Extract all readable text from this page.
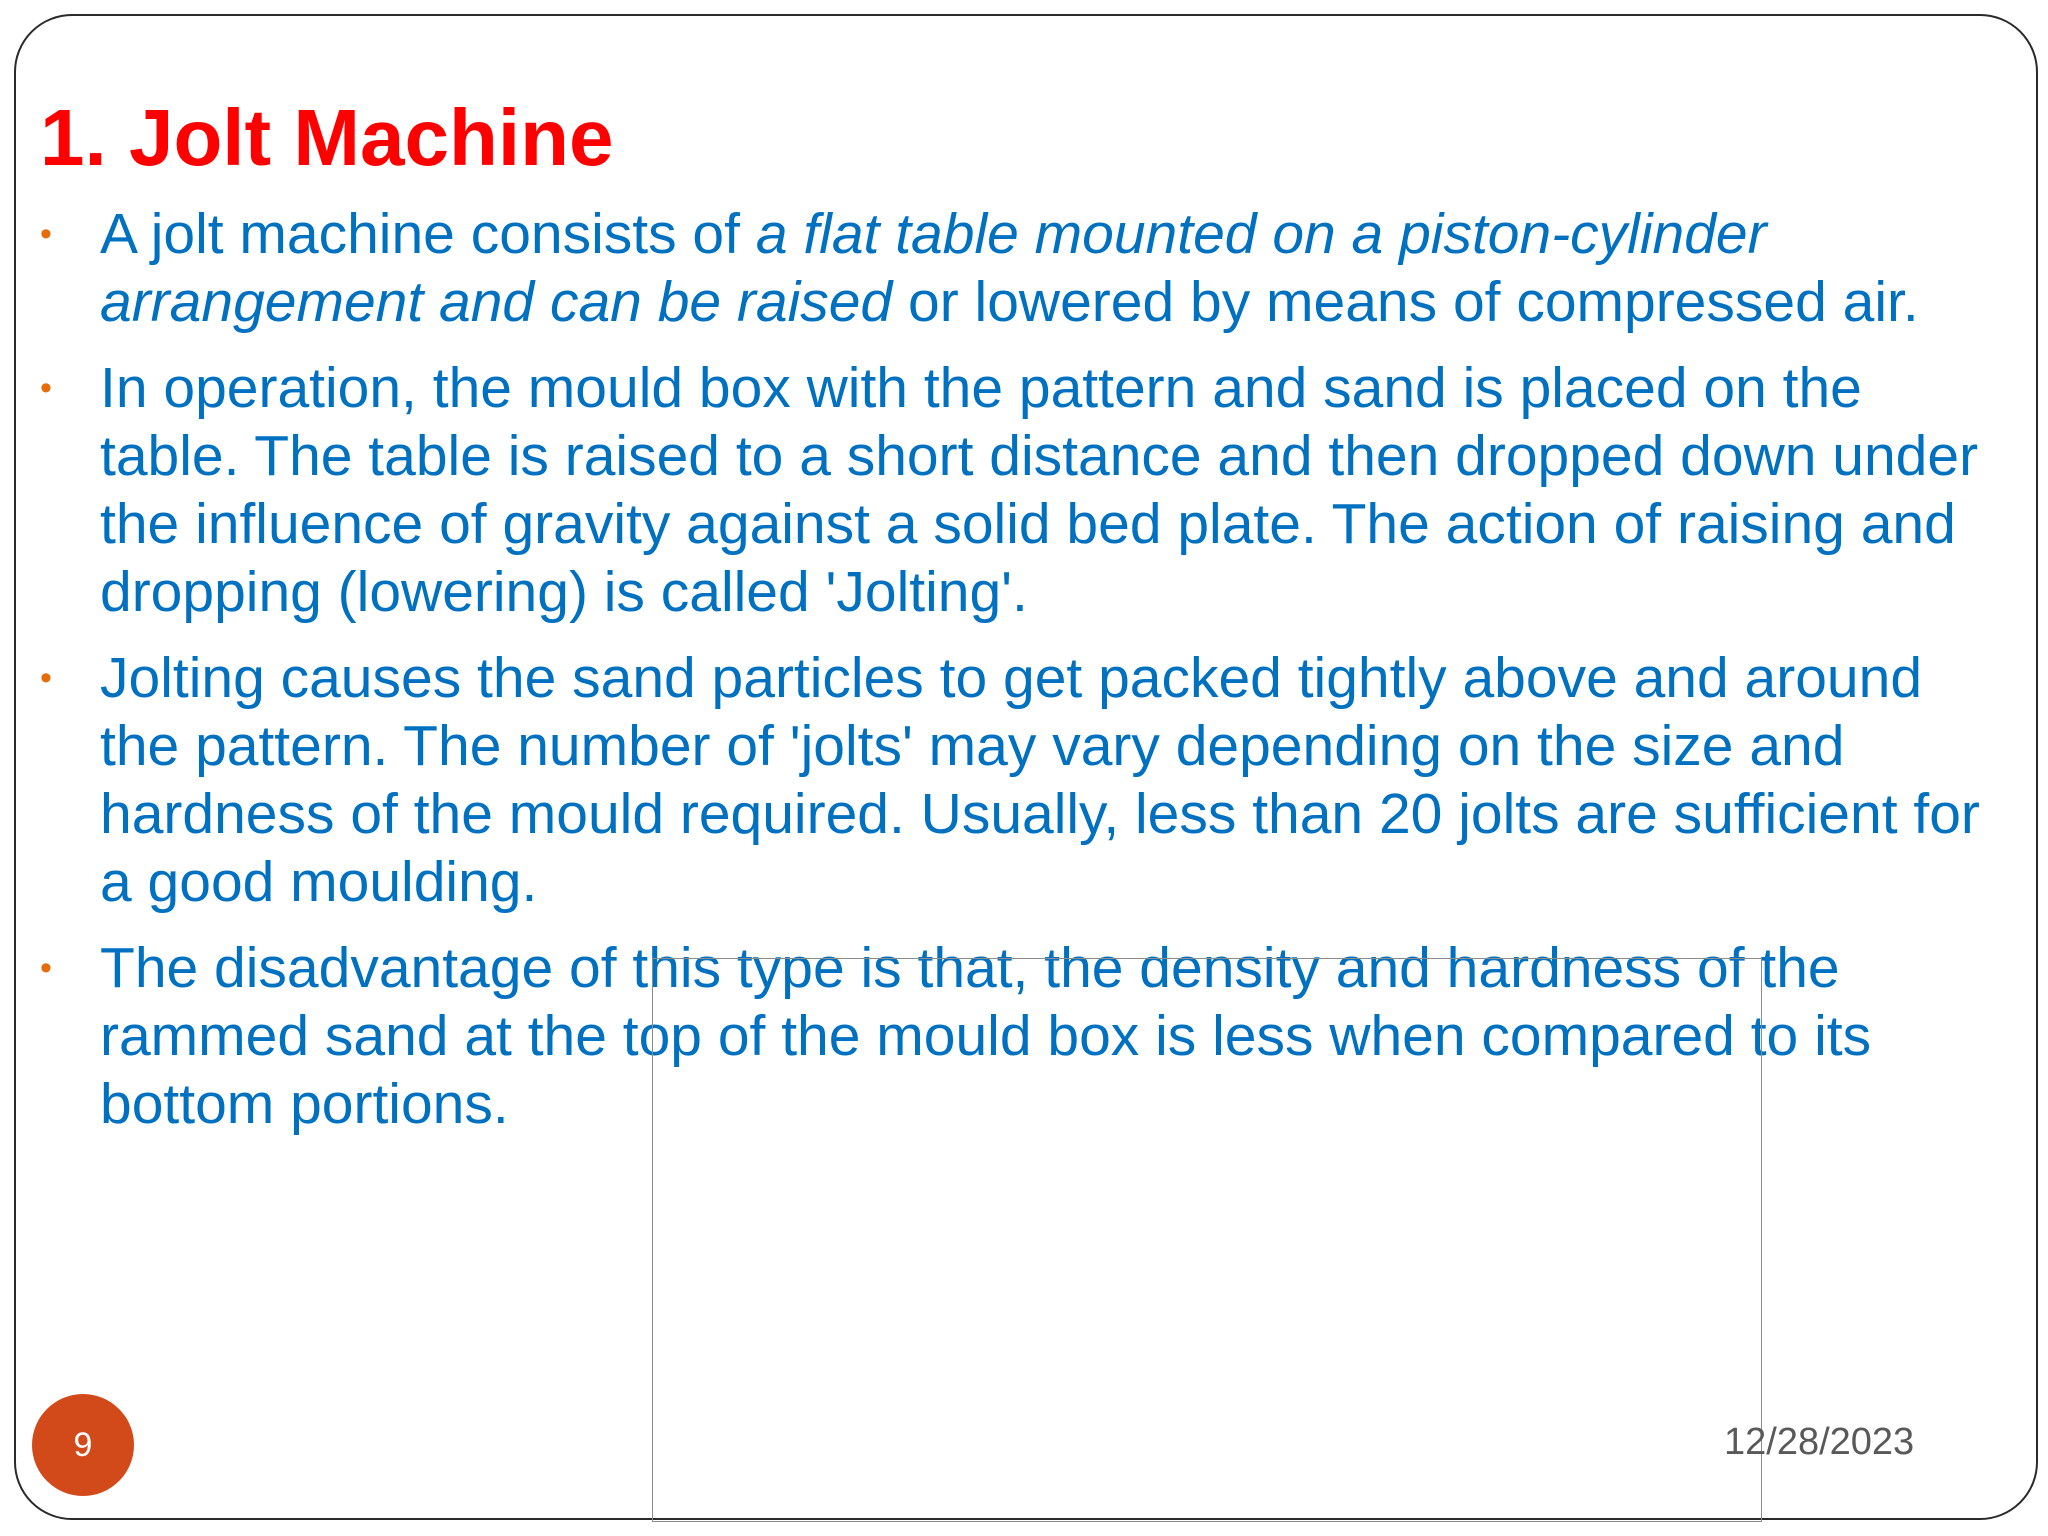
1. Jolt Machine
• A jolt machine consists of a flat table mounted on a piston-cylinder arrangement and can be raised or lowered by means of compressed air.
• In operation, the mould box with the pattern and sand is placed on the table. The table is raised to a short distance and then dropped down under the influence of gravity against a solid bed plate. The action of raising and dropping (lowering) is called 'Jolting'.
• Jolting causes the sand particles to get packed tightly above and around the pattern. The number of 'jolts' may vary depending on the size and hardness of the mould required. Usually, less than 20 jolts are sufficient for a good moulding.
• The disadvantage of this type is that, the density and hardness of the rammed sand at the top of the mould box is less when compared to its bottom portions.
9	12/28/2023
